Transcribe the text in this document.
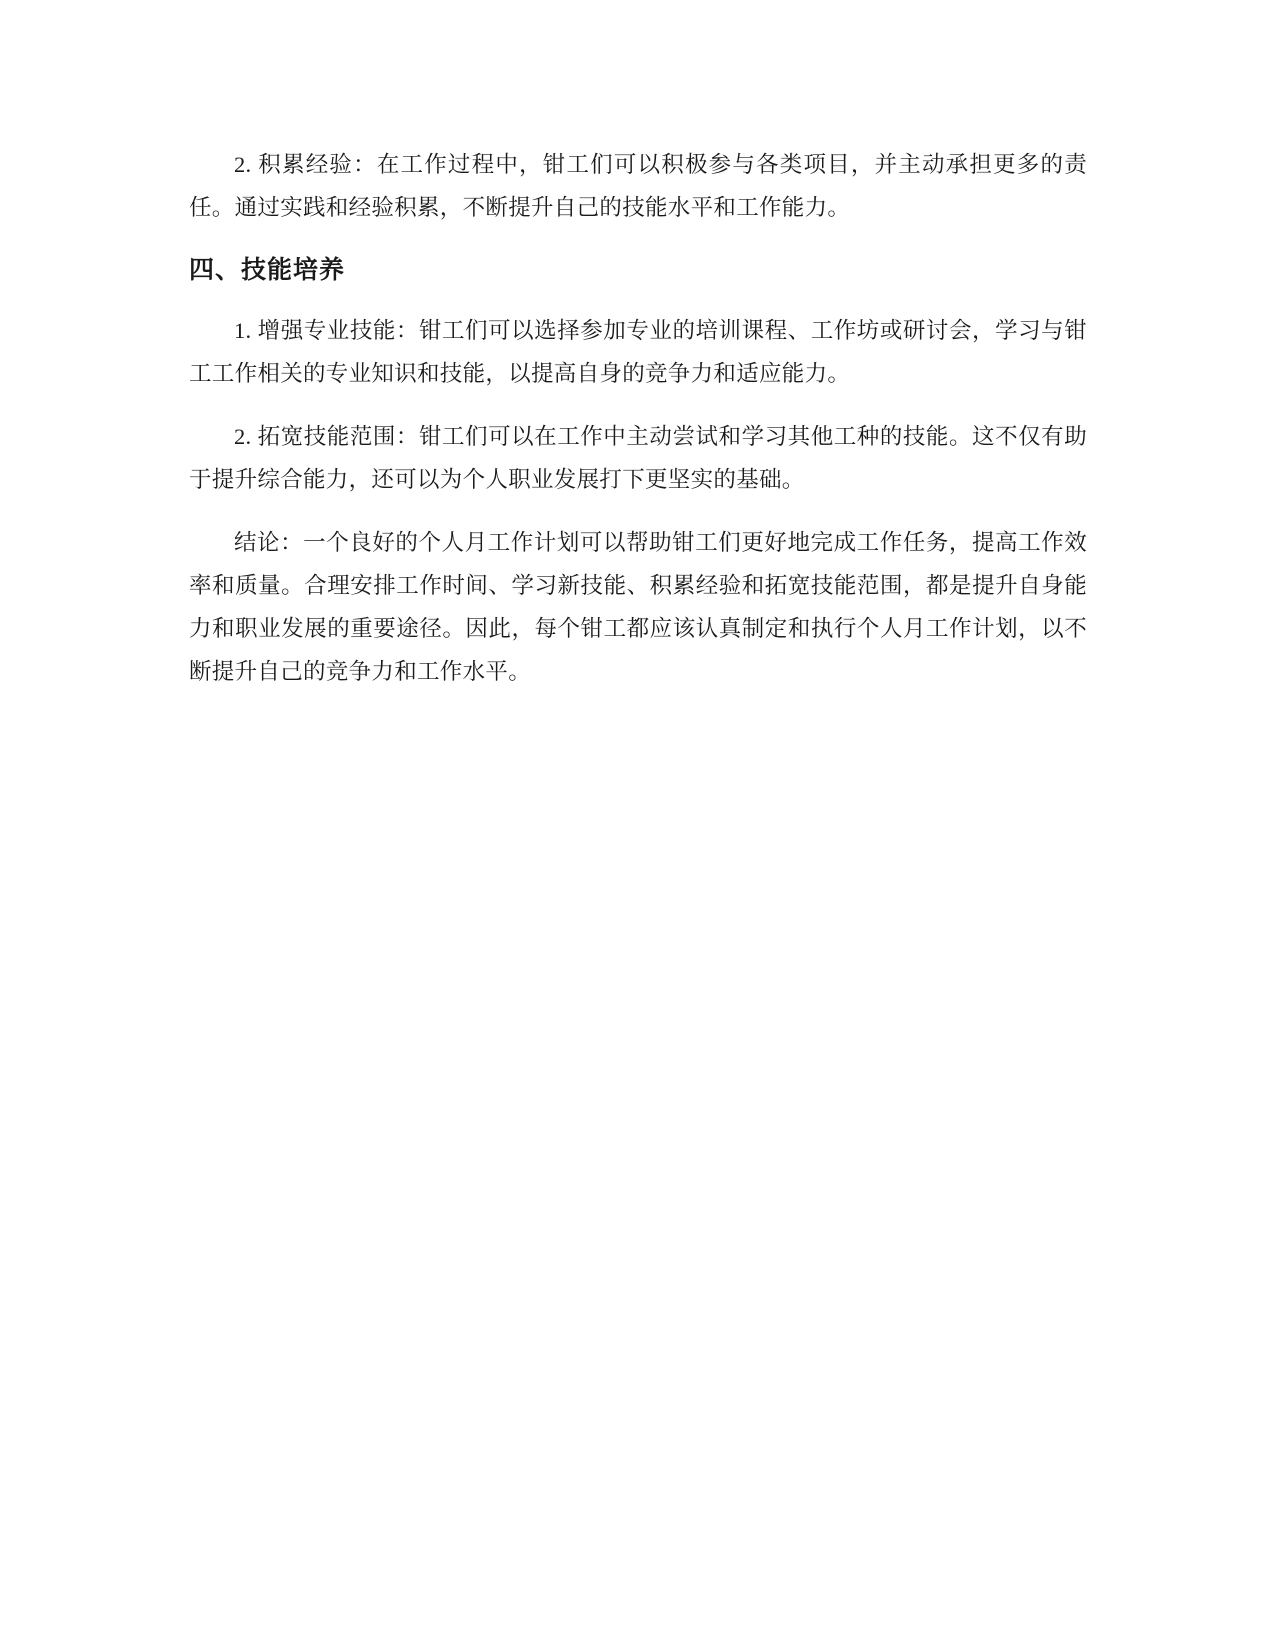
2. 积累经验：在工作过程中，钳工们可以积极参与各类项目，并主动承担更多的责任。通过实践和经验积累，不断提升自己的技能水平和工作能力。

四、技能培养

1. 增强专业技能：钳工们可以选择参加专业的培训课程、工作坊或研讨会，学习与钳工工作相关的专业知识和技能，以提高自身的竞争力和适应能力。

2. 拓宽技能范围：钳工们可以在工作中主动尝试和学习其他工种的技能。这不仅有助于提升综合能力，还可以为个人职业发展打下更坚实的基础。

结论：一个良好的个人月工作计划可以帮助钳工们更好地完成工作任务，提高工作效率和质量。合理安排工作时间、学习新技能、积累经验和拓宽技能范围，都是提升自身能力和职业发展的重要途径。因此，每个钳工都应该认真制定和执行个人月工作计划，以不断提升自己的竞争力和工作水平。
